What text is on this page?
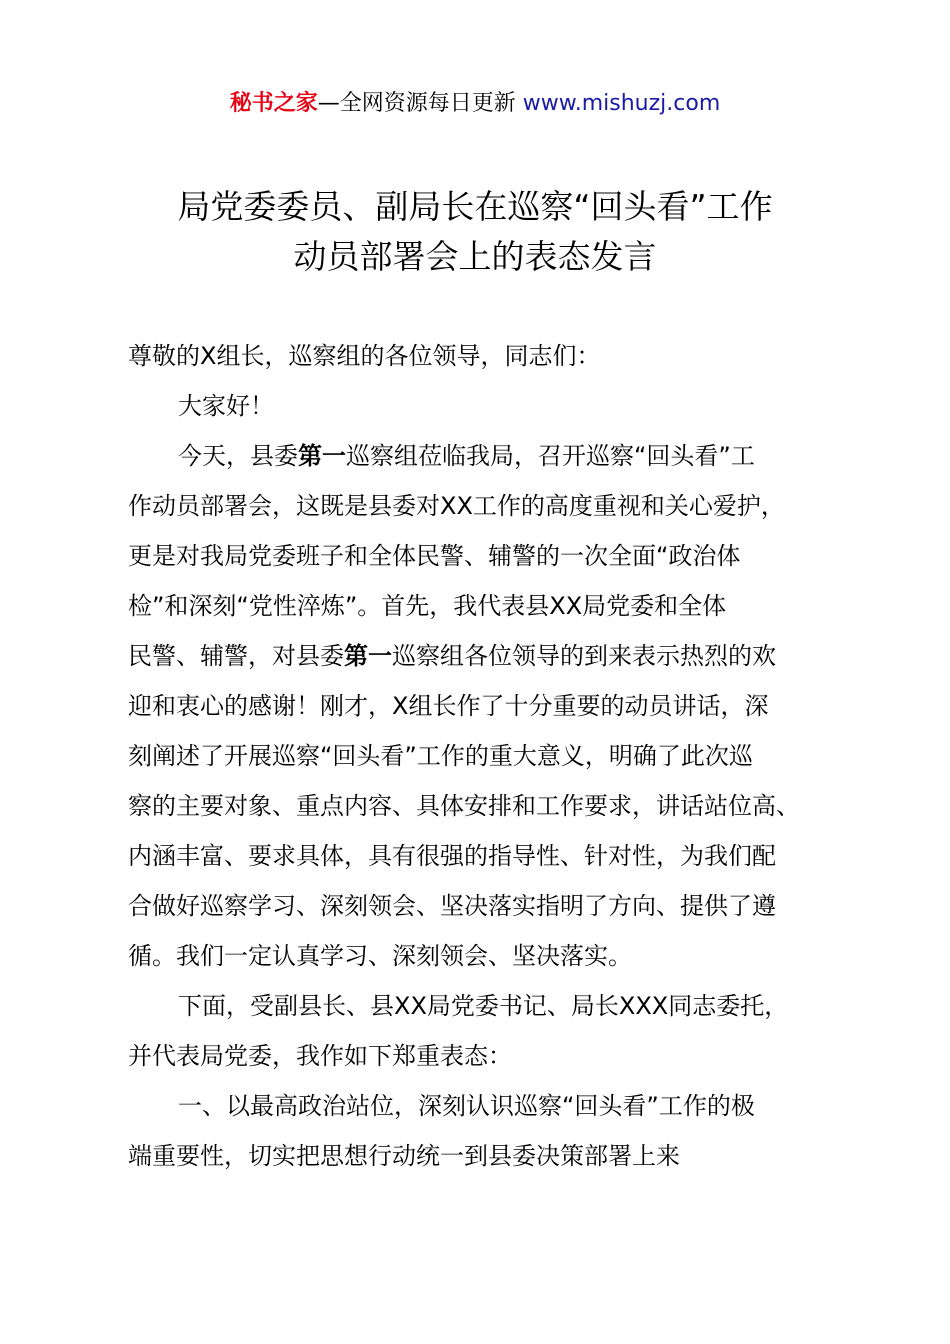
秘书之家—全网资源每日更新 www.mishuzj.com
局党委委员、副局长在巡察“回头看”工作
动员部署会上的表态发言
尊敬的X组长，巡察组的各位领导，同志们：
大家好！
今天，县委第一巡察组莅临我局，召开巡察“回头看”工
作动员部署会，这既是县委对XX工作的高度重视和关心爱护，
更是对我局党委班子和全体民警、辅警的一次全面“政治体
检”和深刻“党性淬炼”。首先，我代表县XX局党委和全体
民警、辅警，对县委第一巡察组各位领导的到来表示热烈的欢
迎和衷心的感谢！刚才，X组长作了十分重要的动员讲话，深
刻阐述了开展巡察“回头看”工作的重大意义，明确了此次巡
察的主要对象、重点内容、具体安排和工作要求，讲话站位高、
内涵丰富、要求具体，具有很强的指导性、针对性，为我们配
合做好巡察学习、深刻领会、坚决落实指明了方向、提供了遵
循。我们一定认真学习、深刻领会、坚决落实。
下面，受副县长、县XX局党委书记、局长XXX同志委托，
并代表局党委，我作如下郑重表态：
一、以最高政治站位，深刻认识巡察“回头看”工作的极
端重要性，切实把思想行动统一到县委决策部署上来
